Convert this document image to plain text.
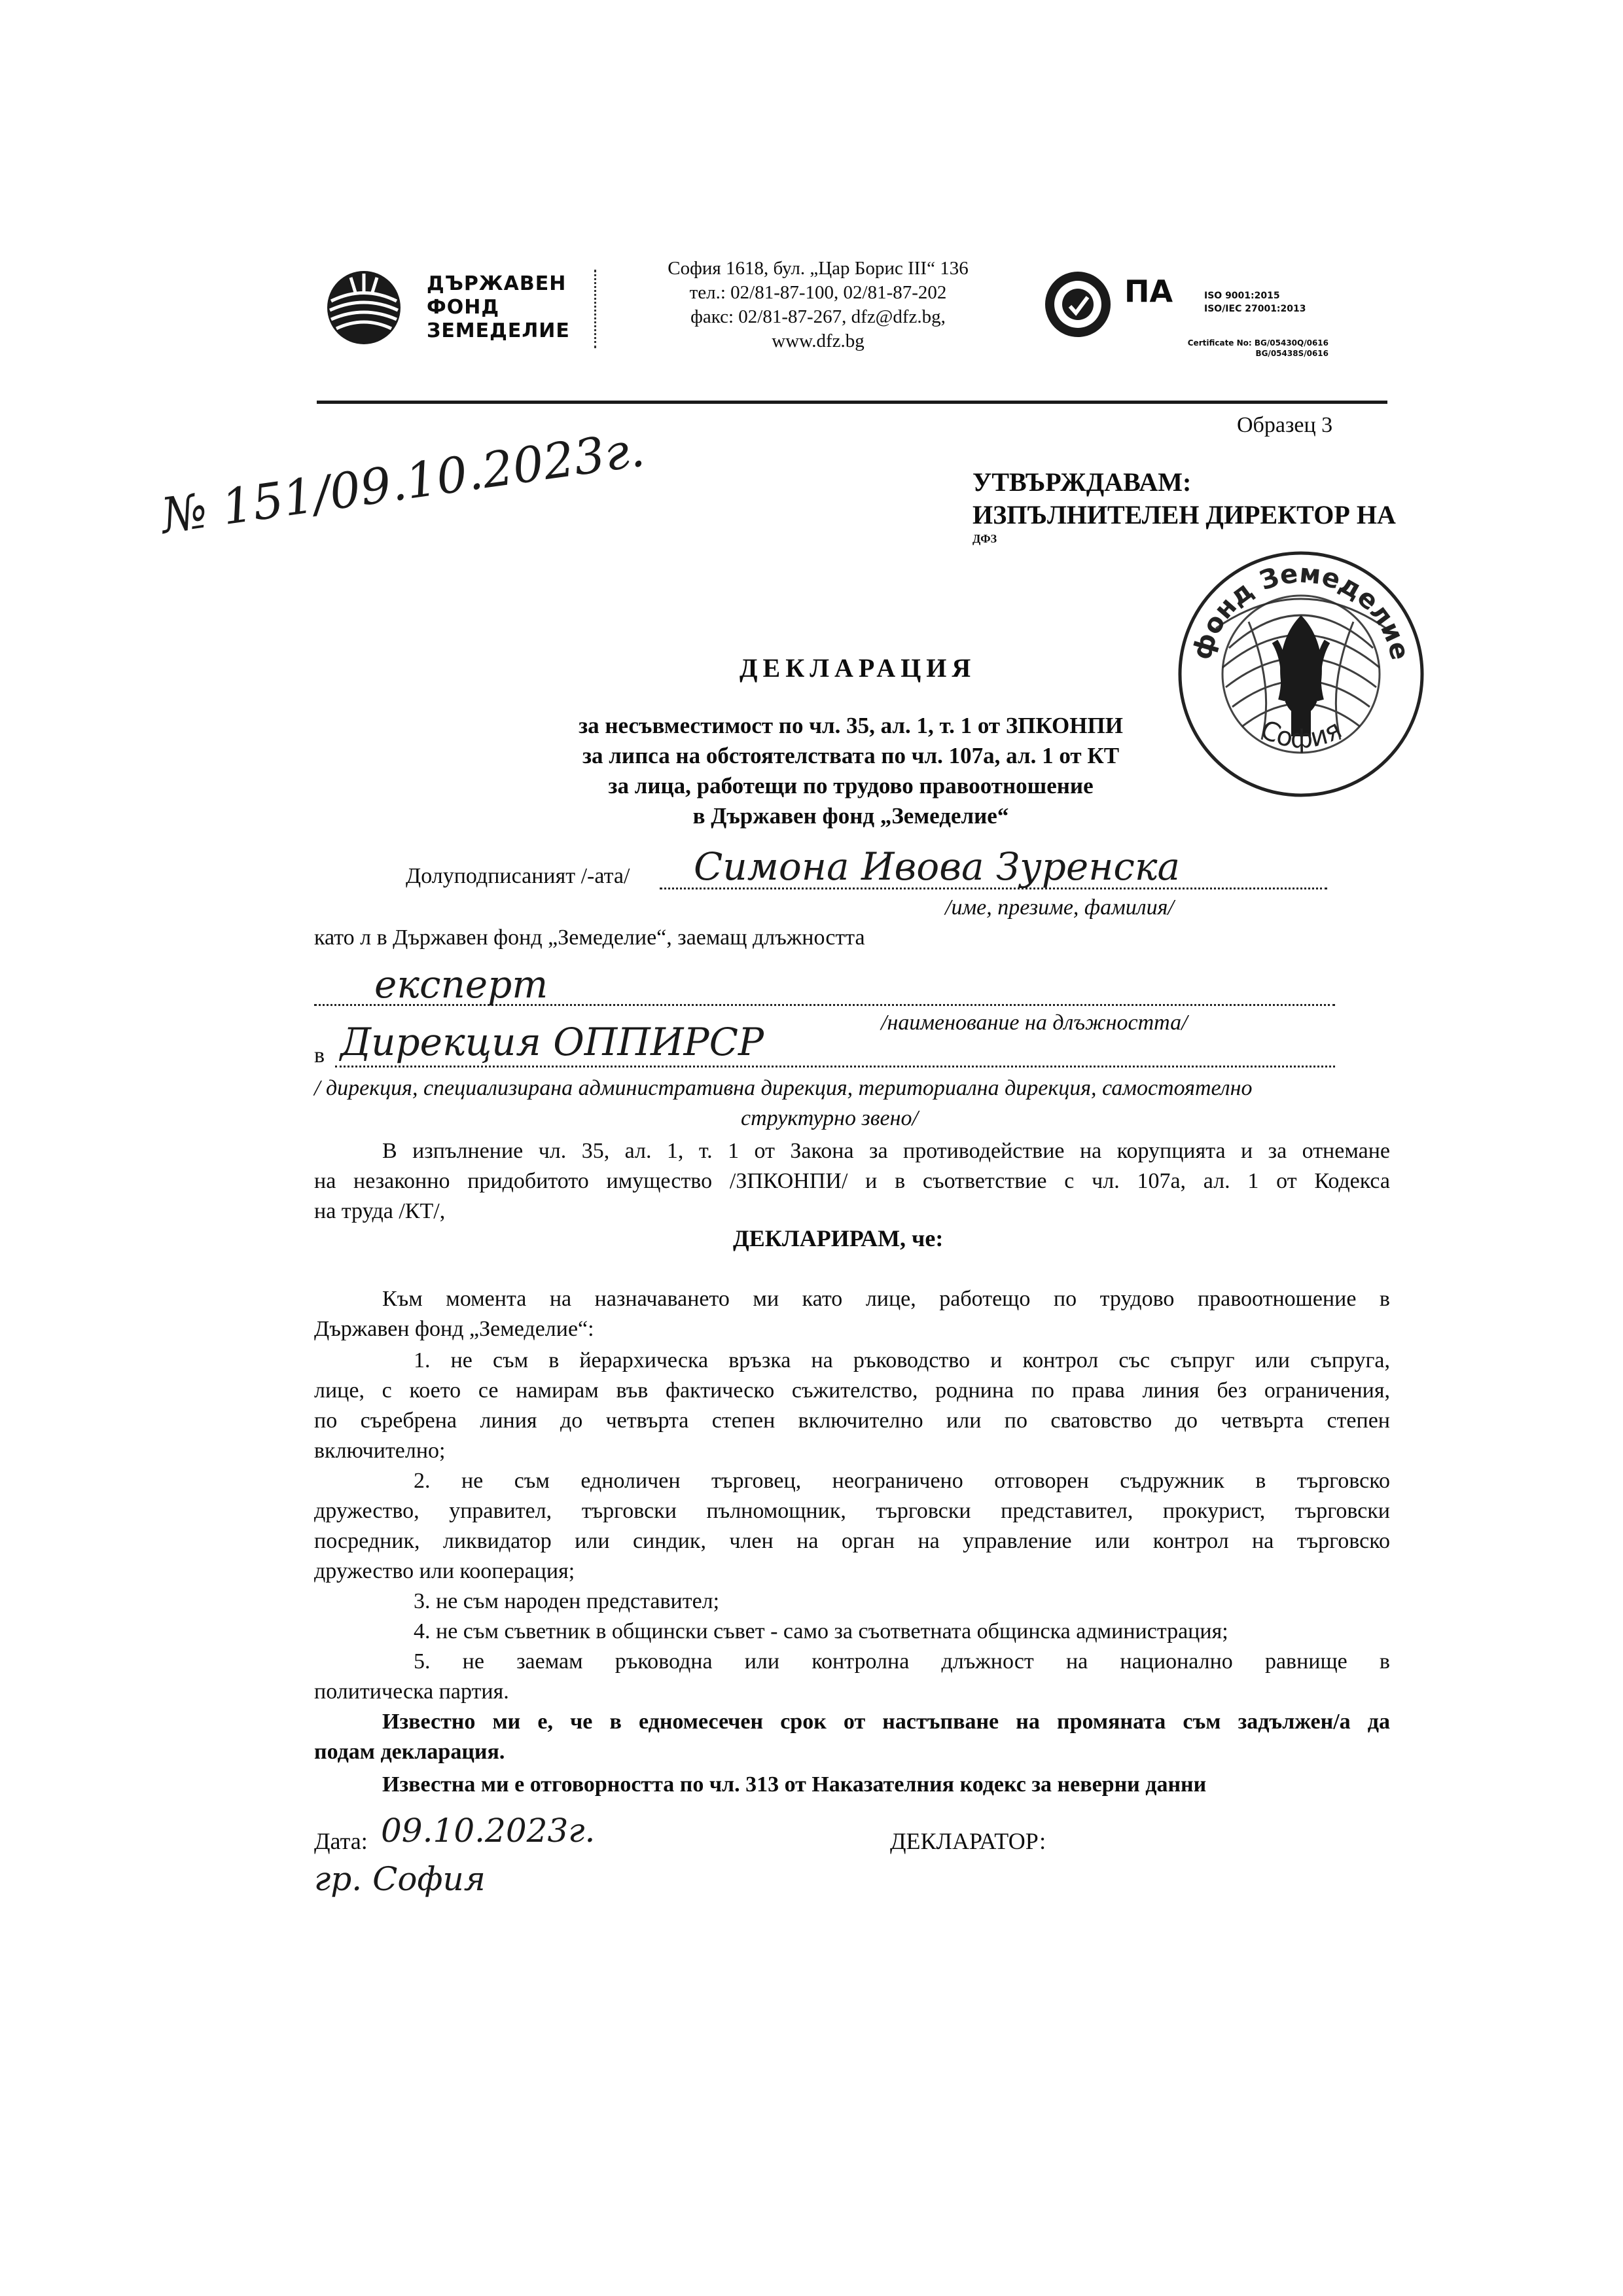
ДЪРЖАВЕН
ФОНД
ЗЕМЕДЕЛИЕ
София 1618, бул. „Цар Борис III“ 136
тел.: 02/81-87-100, 02/81-87-202
факс: 02/81-87-267, dfz@dfz.bg,
www.dfz.bg
ПА	ISO 9001:2015
ISO/IEC 27001:2013
Certificate No: BG/05430Q/0616
BG/05438S/0616
Образец 3
№ 151/09.10.2023г.	УТВЪРЖДАВАМ:
ИЗПЪЛНИТЕЛЕН ДИРЕКТОР НА
ДФЗ
фонд Земеделие
София
ДЕКЛАРАЦИЯ
за несъвместимост по чл. 35, ал. 1, т. 1 от ЗПКОНПИ
за липса на обстоятелствата по чл. 107а, ал. 1 от КТ
за лица, работещи по трудово правоотношение
в Държавен фонд „Земеделие“
Долуподписаният /-ата/ Симона Ивова Зуренска
/име, презиме, фамилия/
като л в Държавен фонд „Земеделие“, заемащ длъжността
експерт
/наименование на длъжността/
в Дирекция ОППИРСР
/ дирекция, специализирана административна дирекция, териториална дирекция, самостоятелно
структурно звено/
В изпълнение чл. 35, ал. 1, т. 1 от Закона за противодействие на корупцията и за отнемане
на незаконно придобитото имущество /ЗПКОНПИ/ и в съответствие с чл. 107а, ал. 1 от Кодекса
на труда /КТ/,
ДЕКЛАРИРАМ, че:
Към момента на назначаването ми като лице, работещо по трудово правоотношение в
Държавен фонд „Земеделие“:
1. не съм в йерархическа връзка на ръководство и контрол със съпруг или съпруга,
лице, с което се намирам във фактическо съжителство, роднина по права линия без ограничения,
по съребрена линия до четвърта степен включително или по сватовство до четвърта степен
включително;
2. не съм едноличен търговец, неограничено отговорен съдружник в търговско
дружество, управител, търговски пълномощник, търговски представител, прокурист, търговски
посредник, ликвидатор или синдик, член на орган на управление или контрол на търговско
дружество или кооперация;
3. не съм народен представител;
4. не съм съветник в общински съвет - само за съответната общинска администрация;
5. не заемам ръководна или контролна длъжност на национално равнище в
политическа партия.
Известно ми е, че в едномесечен срок от настъпване на промяната съм задължен/а да
подам декларация.
Известна ми е отговорността по чл. 313 от Наказателния кодекс за неверни данни
Дата: 09.10.2023г.
гр. София
ДЕКЛАРАТОР:
